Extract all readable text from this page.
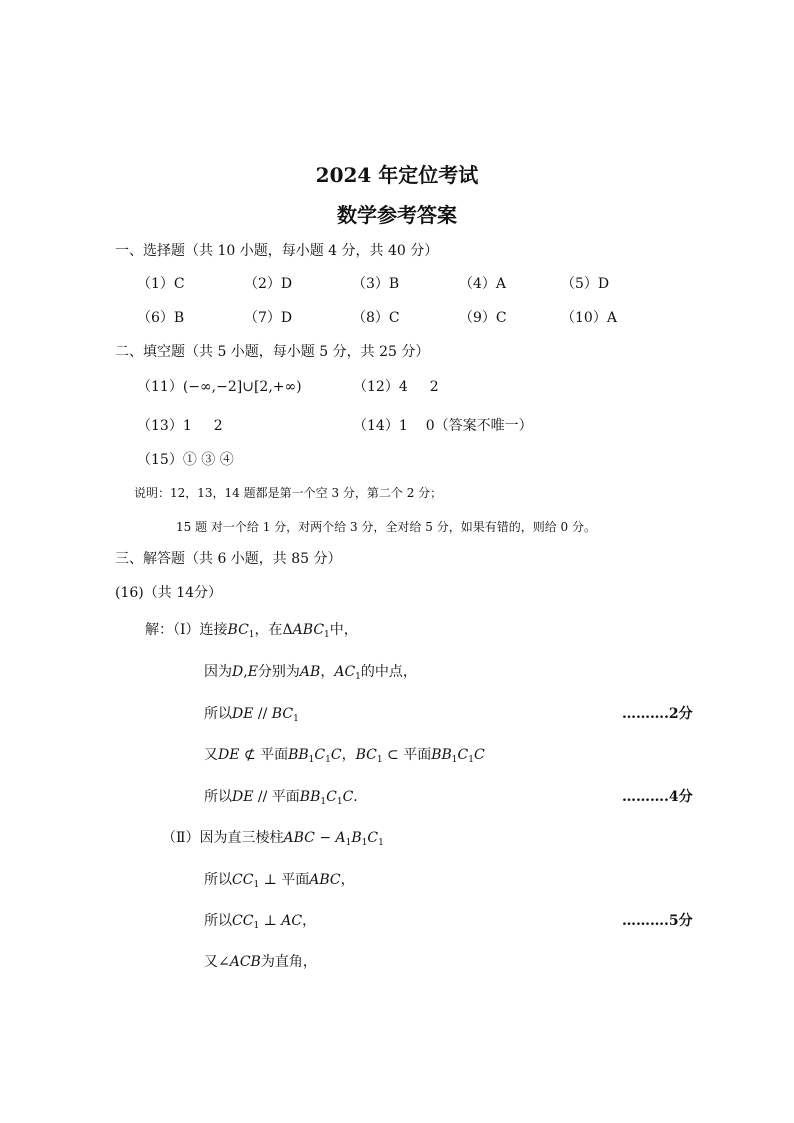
2024 年定位考试
数学参考答案
一、选择题（共 10 小题，每小题 4 分，共 40 分）
（1）C	（2）D	（3）B	（4）A	（5）D
（6）B	（7）D	（8）C	（9）C	（10）A
二、填空题（共 5 小题，每小题 5 分，共 25 分）
（11）(−∞,−2]∪[2,+∞)	（12）4 2
（13）1 2	（14）1 0（答案不唯一）
（15）① ③ ④
说明：12，13，14 题都是第一个空 3 分，第二个 2 分；
15 题 对一个给 1 分，对两个给 3 分，全对给 5 分，如果有错的，则给 0 分。
三、解答题（共 6 小题，共 85 分）
(16)（共 14分）
解：（Ⅰ）连接$BC_1$，在$\Delta ABC_1$中，
因为D,E分别为AB，$AC_1$的中点，
所以DE // $BC_1$	……….2分
又DE ⊄ 平面$BB_1C_1C$，$BC_1$ ⊂ 平面$BB_1C_1C$
所以DE // 平面$BB_1C_1C$．	……….4分
（Ⅱ）因为直三棱柱ABC − $A_1B_1C_1$
所以$CC_1$ ⊥ 平面ABC，
所以$CC_1$ ⊥ AC，	……….5分
又∠ACB为直角，
